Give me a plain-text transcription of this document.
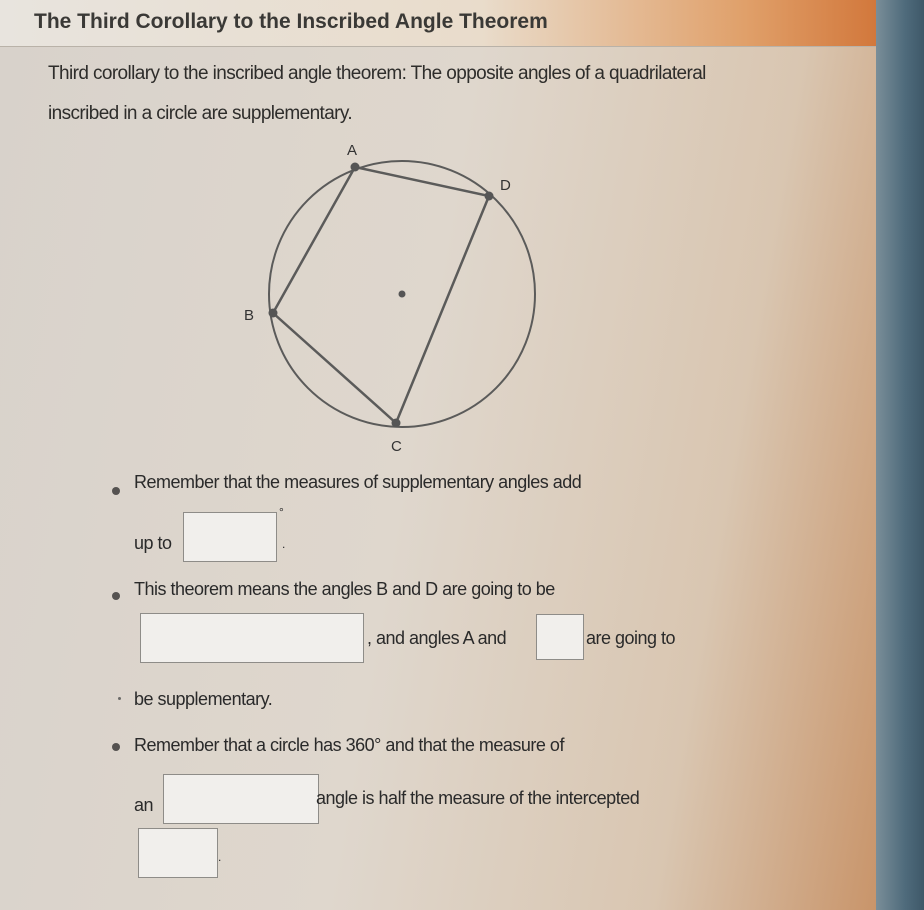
The Third Corollary to the Inscribed Angle Theorem
Third corollary to the inscribed angle theorem: The opposite angles of a quadrilateral inscribed in a circle are supplementary.
A
D
C
B
Remember that the measures of supplementary angles add
up to
°
.
This theorem means the angles B and D are going to be
, and angles A and	are going to
be supplementary.
Remember that a circle has 360° and that the measure of
an	angle is half the measure of the intercepted
.
